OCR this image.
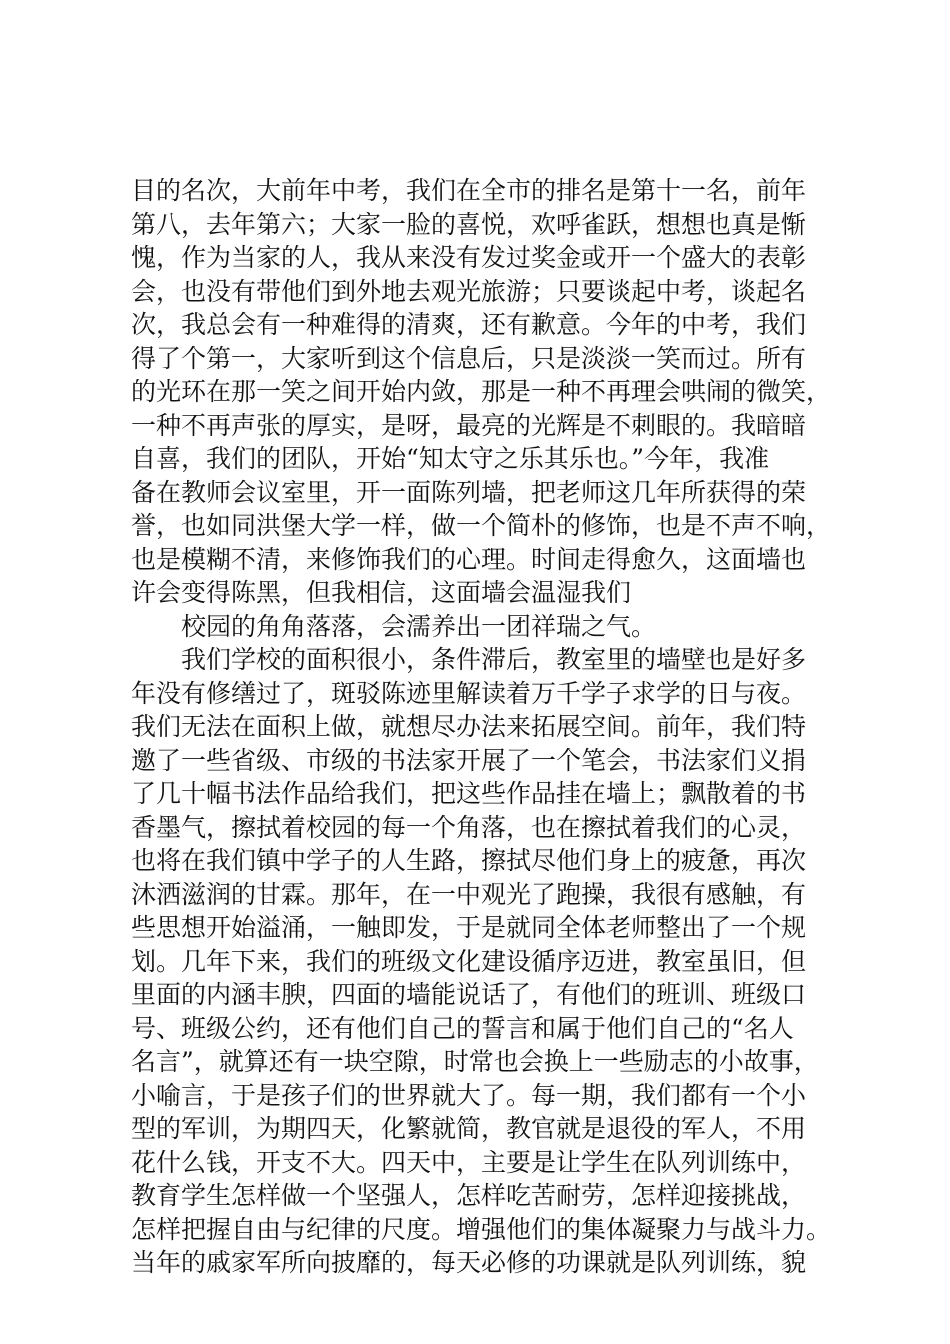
目的名次，大前年中考，我们在全市的排名是第十一名，前年
第八，去年第六；大家一脸的喜悦，欢呼雀跃，想想也真是惭
愧，作为当家的人，我从来没有发过奖金或开一个盛大的表彰
会，也没有带他们到外地去观光旅游；只要谈起中考，谈起名
次，我总会有一种难得的清爽，还有歉意。今年的中考，我们
得了个第一，大家听到这个信息后，只是淡淡一笑而过。所有
的光环在那一笑之间开始内敛，那是一种不再理会哄闹的微笑，
一种不再声张的厚实，是呀，最亮的光辉是不刺眼的。我暗暗
自喜，我们的团队，开始“知太守之乐其乐也。”今年，我准
备在教师会议室里，开一面陈列墙，把老师这几年所获得的荣
誉，也如同洪堡大学一样，做一个简朴的修饰，也是不声不响，
也是模糊不清，来修饰我们的心理。时间走得愈久，这面墙也
许会变得陈黑，但我相信，这面墙会温湿我们
校园的角角落落，会濡养出一团祥瑞之气。
我们学校的面积很小，条件滞后，教室里的墙壁也是好多
年没有修缮过了，斑驳陈迹里解读着万千学子求学的日与夜。
我们无法在面积上做，就想尽办法来拓展空间。前年，我们特
邀了一些省级、市级的书法家开展了一个笔会，书法家们义捐
了几十幅书法作品给我们，把这些作品挂在墙上；飘散着的书
香墨气，擦拭着校园的每一个角落，也在擦拭着我们的心灵，
也将在我们镇中学子的人生路，擦拭尽他们身上的疲惫，再次
沐洒滋润的甘霖。那年，在一中观光了跑操，我很有感触，有
些思想开始溢涌，一触即发，于是就同全体老师整出了一个规
划。几年下来，我们的班级文化建设循序迈进，教室虽旧，但
里面的内涵丰腴，四面的墙能说话了，有他们的班训、班级口
号、班级公约，还有他们自己的誓言和属于他们自己的“名人
名言”，就算还有一块空隙，时常也会换上一些励志的小故事，
小喻言，于是孩子们的世界就大了。每一期，我们都有一个小
型的军训，为期四天，化繁就简，教官就是退役的军人，不用
花什么钱，开支不大。四天中，主要是让学生在队列训练中，
教育学生怎样做一个坚强人，怎样吃苦耐劳，怎样迎接挑战，
怎样把握自由与纪律的尺度。增强他们的集体凝聚力与战斗力。
当年的戚家军所向披靡的，每天必修的功课就是队列训练，貌
